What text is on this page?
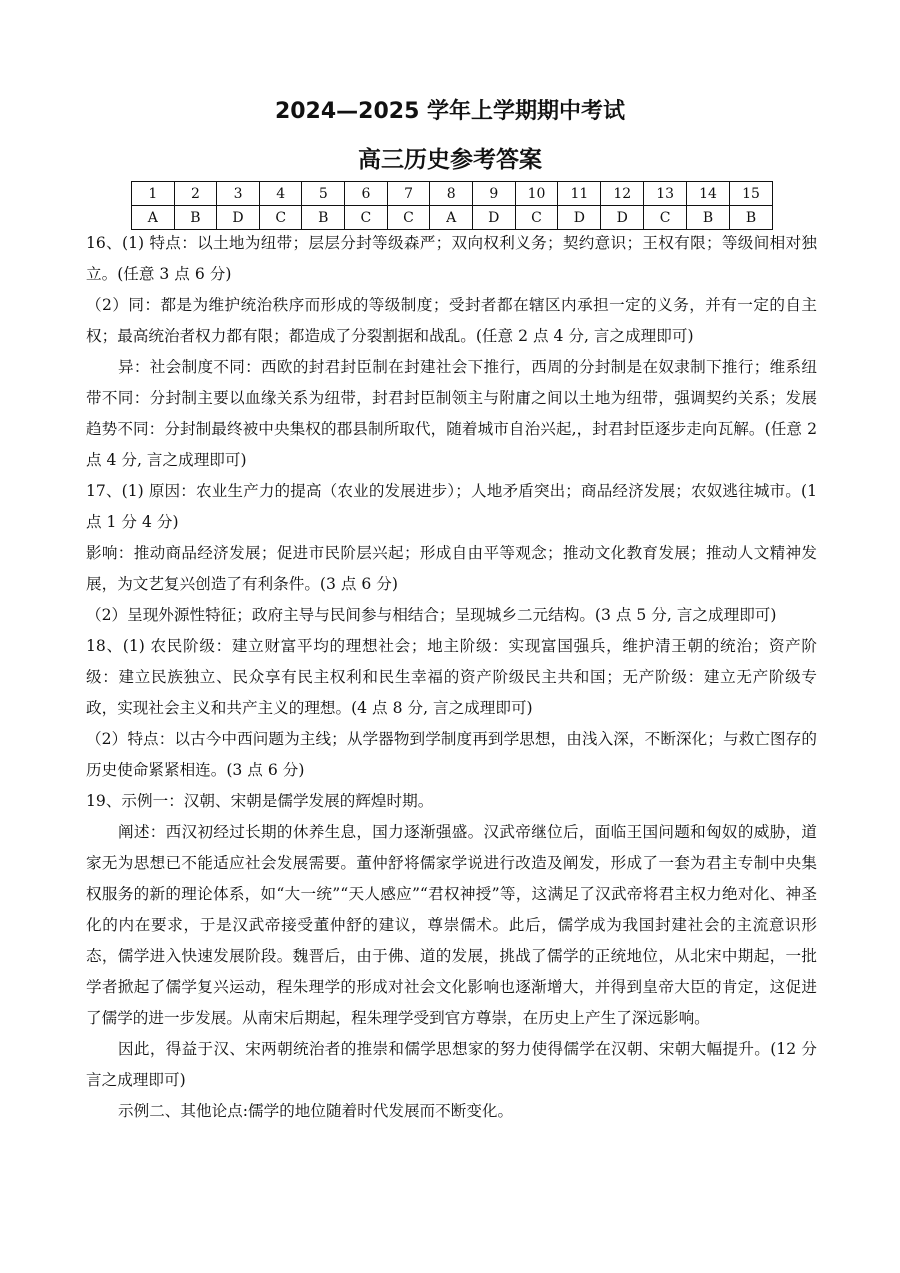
2024—2025 学年上学期期中考试
高三历史参考答案
1	2	3	4	5	6	7	8	9	10	11	12	13	14	15
A	B	D	C	B	C	C	A	D	C	D	D	C	B	B

16、(1) 特点：以土地为纽带；层层分封等级森严；双向权利义务；契约意识；王权有限；等级间相对独立。(任意 3 点 6 分)

（2）同：都是为维护统治秩序而形成的等级制度；受封者都在辖区内承担一定的义务，并有一定的自主权；最高统治者权力都有限；都造成了分裂割据和战乱。(任意 2 点 4 分, 言之成理即可)

异：社会制度不同：西欧的封君封臣制在封建社会下推行，西周的分封制是在奴隶制下推行；维系纽带不同：分封制主要以血缘关系为纽带，封君封臣制领主与附庸之间以土地为纽带，强调契约关系；发展趋势不同：分封制最终被中央集权的郡县制所取代，随着城市自治兴起,，封君封臣逐步走向瓦解。(任意 2 点 4 分, 言之成理即可)

17、(1) 原因：农业生产力的提高（农业的发展进步）；人地矛盾突出；商品经济发展；农奴逃往城市。(1 点 1 分 4 分)

影响：推动商品经济发展；促进市民阶层兴起；形成自由平等观念；推动文化教育发展；推动人文精神发展，为文艺复兴创造了有利条件。(3 点 6 分)

（2）呈现外源性特征；政府主导与民间参与相结合；呈现城乡二元结构。(3 点 5 分, 言之成理即可)

18、(1) 农民阶级：建立财富平均的理想社会；地主阶级：实现富国强兵，维护清王朝的统治；资产阶级：建立民族独立、民众享有民主权利和民生幸福的资产阶级民主共和国；无产阶级：建立无产阶级专政，实现社会主义和共产主义的理想。(4 点 8 分, 言之成理即可)

（2）特点：以古今中西问题为主线；从学器物到学制度再到学思想，由浅入深，不断深化；与救亡图存的历史使命紧紧相连。(3 点 6 分)

19、示例一：汉朝、宋朝是儒学发展的辉煌时期。

阐述：西汉初经过长期的休养生息，国力逐渐强盛。汉武帝继位后，面临王国问题和匈奴的威胁，道家无为思想已不能适应社会发展需要。董仲舒将儒家学说进行改造及阐发，形成了一套为君主专制中央集权服务的新的理论体系，如“大一统”“天人感应”“君权神授”等，这满足了汉武帝将君主权力绝对化、神圣化的内在要求，于是汉武帝接受董仲舒的建议，尊崇儒术。此后，儒学成为我国封建社会的主流意识形态，儒学进入快速发展阶段。魏晋后，由于佛、道的发展，挑战了儒学的正统地位，从北宋中期起，一批学者掀起了儒学复兴运动，程朱理学的形成对社会文化影响也逐渐增大，并得到皇帝大臣的肯定，这促进了儒学的进一步发展。从南宋后期起，程朱理学受到官方尊崇，在历史上产生了深远影响。

因此，得益于汉、宋两朝统治者的推崇和儒学思想家的努力使得儒学在汉朝、宋朝大幅提升。(12 分言之成理即可)

示例二、其他论点:儒学的地位随着时代发展而不断变化。
